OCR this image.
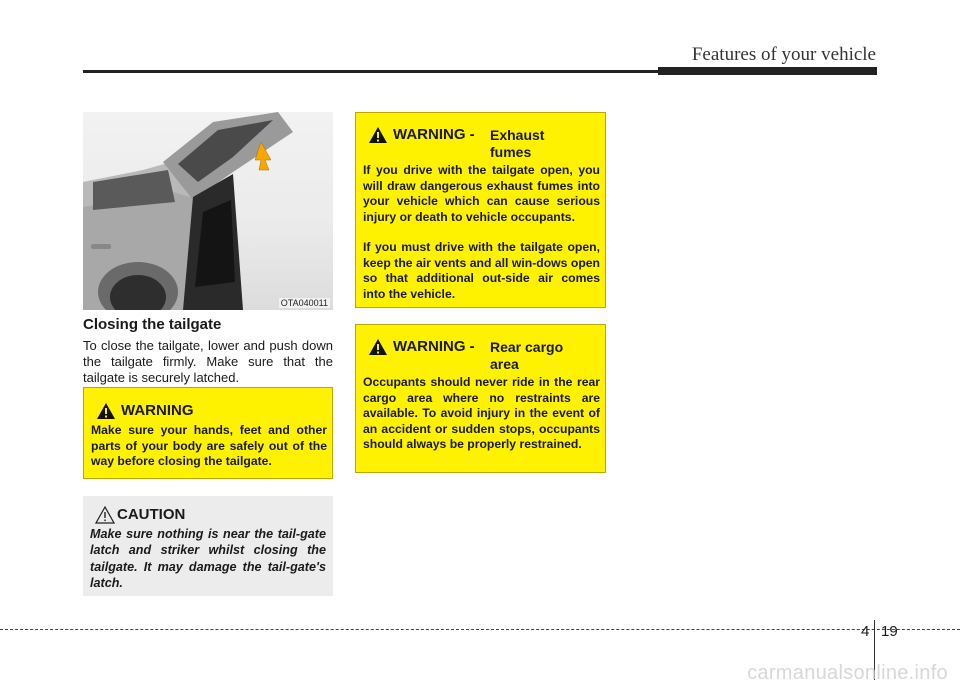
Features of your vehicle
OTA040011
Closing the tailgate
To close the tailgate, lower and push down the tailgate firmly. Make sure that the tailgate is securely latched.
WARNING
Make sure your hands, feet and other parts of your body are safely out of the way before closing the tailgate.
CAUTION
Make sure nothing is near the tail-gate latch and striker whilst closing the tailgate. It may damage the tail-gate's latch.
WARNING - Exhaust
fumes
If you drive with the tailgate open, you will draw dangerous exhaust fumes into your vehicle which can cause serious injury or death to vehicle occupants.
If you must drive with the tailgate open, keep the air vents and all win-dows open so that additional out-side air comes into the vehicle.
WARNING - Rear cargo
area
Occupants should never ride in the rear cargo area where no restraints are available. To avoid injury in the event of an accident or sudden stops, occupants should always be properly restrained.
4 19
carmanualsonline.info
